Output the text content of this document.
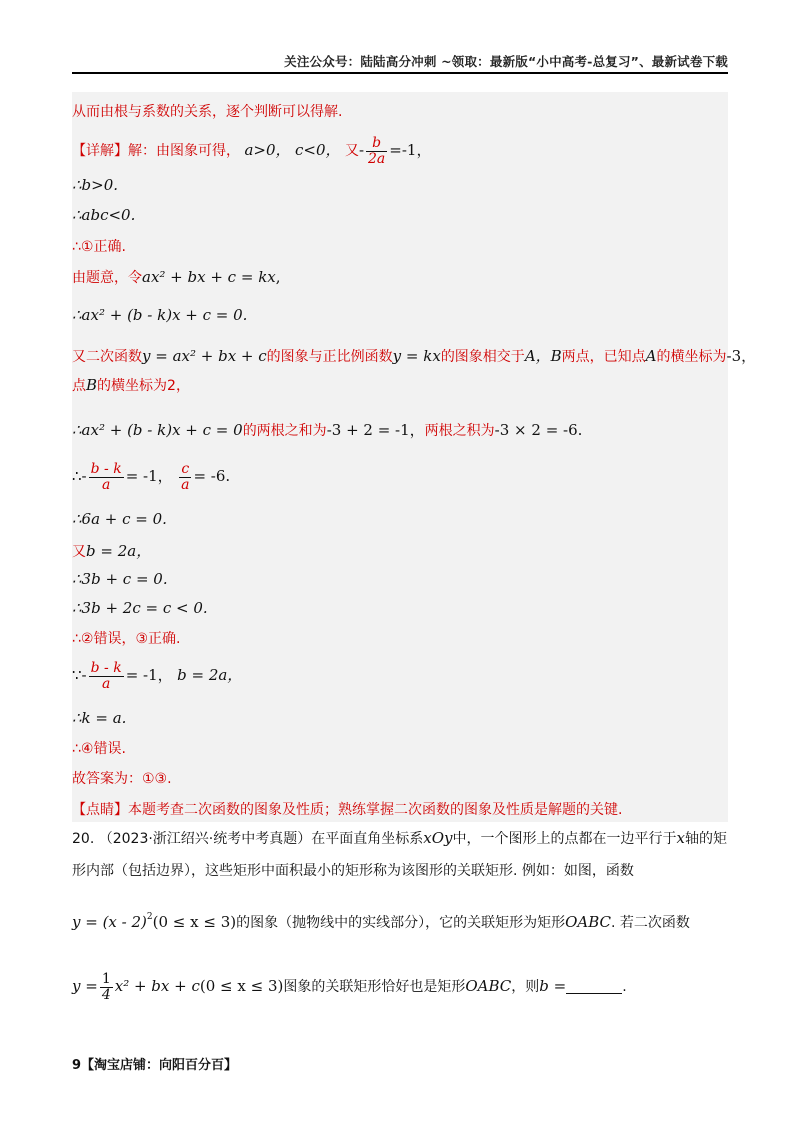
关注公众号：陆陆高分冲刺 ~领取：最新版“小中高考-总复习”、最新试卷下载
从而由根与系数的关系，逐个判断可以得解.
【详解】解：由图象可得， a>0， c<0， 又- $\frac{b}{2a} =-1$，
∴b>0.
∴abc<0.
∴①正确.
由题意，令ax² + bx + c = kx,
∴ax² + (b - k)x + c = 0.
又二次函数y = ax² + bx + c的图象与正比例函数y = kx的图象相交于A，B两点，已知点A的横坐标为-3，
点B的横坐标为2，
∴ax² + (b - k)x + c = 0的两根之和为-3 + 2 = -1，两根之积为-3 × 2 = -6.
∴- $\frac{b - k}{a} = -1$， $\frac{c}{a} = -6$.
∴6a + c = 0.
又b = 2a，
∴3b + c = 0.
∴3b + 2c = c < 0.
∴②错误，③正确.
∵- $\frac{b - k}{a} = -1$， b = 2a，
∴k = a.
∴④错误.
故答案为：①③.
【点睛】本题考查二次函数的图象及性质；熟练掌握二次函数的图象及性质是解题的关键.
20. （2023·浙江绍兴·统考中考真题）在平面直角坐标系xOy中，一个图形上的点都在一边平行于x轴的矩
形内部（包括边界），这些矩形中面积最小的矩形称为该图形的关联矩形. 例如：如图，函数
y = (x - 2)$^2$(0 ≤ x ≤ 3)的图象（抛物线中的实线部分），它的关联矩形为矩形OABC. 若二次函数
$y = \frac{1}{4} x^2$ + bx + c(0 ≤ x ≤ 3)图象的关联矩形恰好也是矩形OABC，则b =	.
9【淘宝店铺：向阳百分百】
